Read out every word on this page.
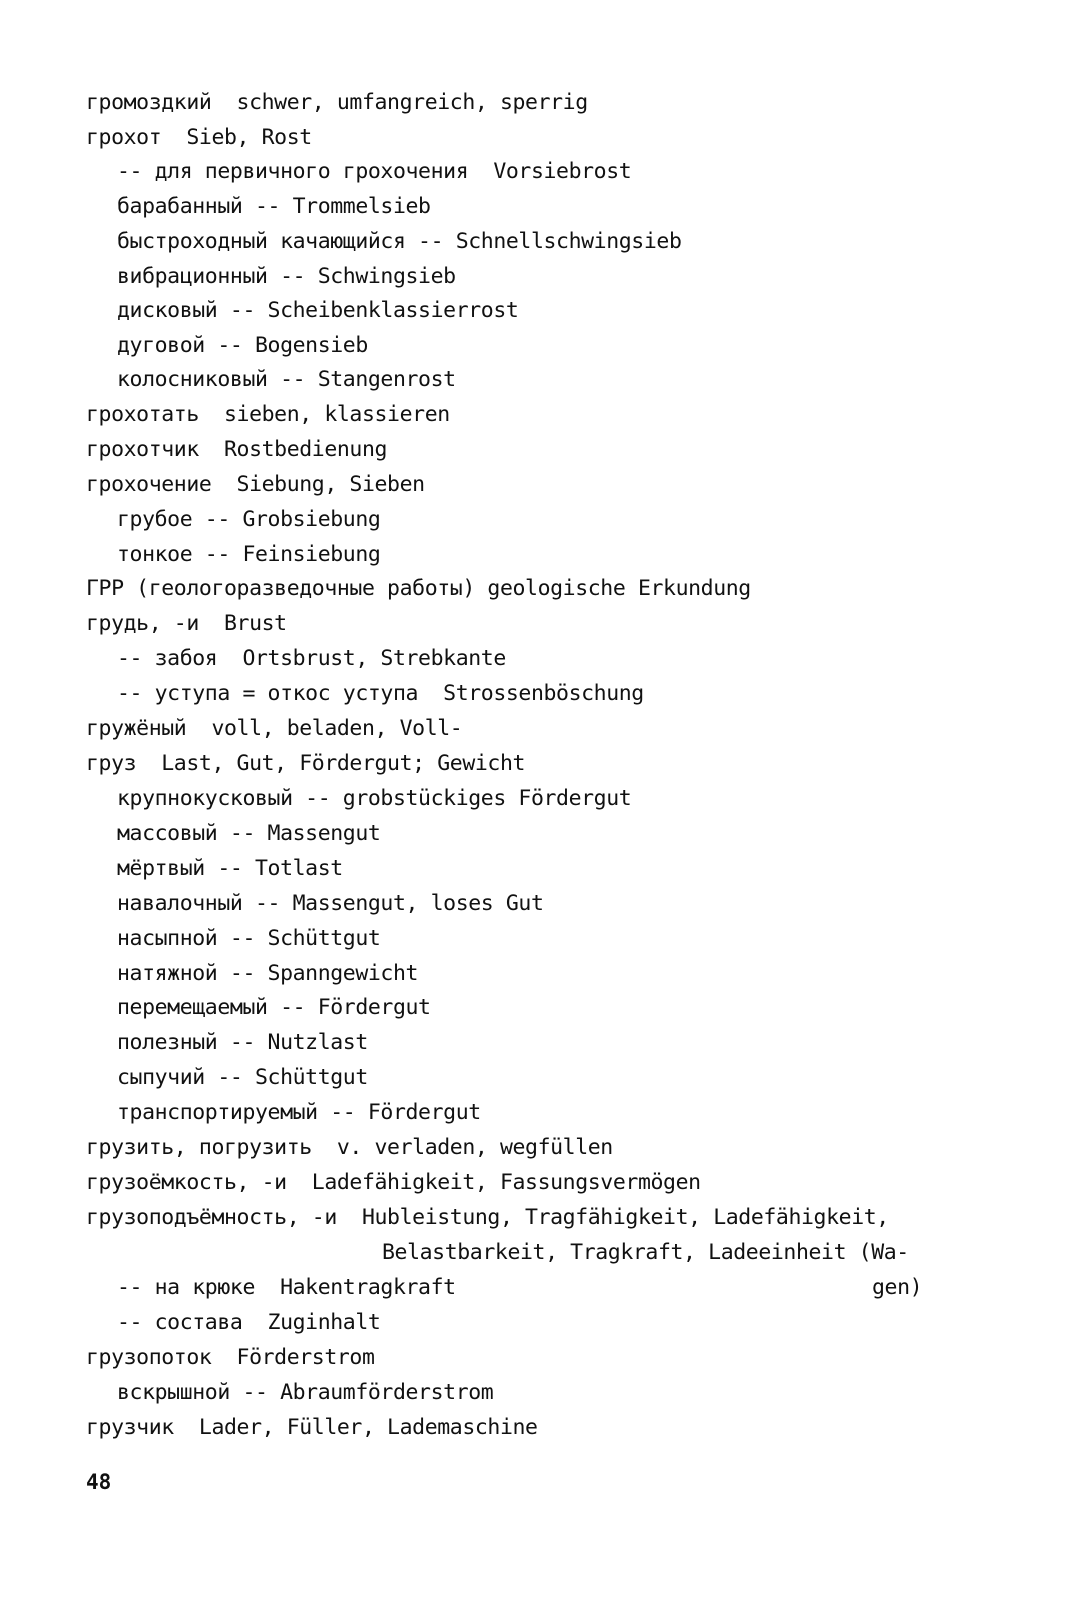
громоздкий  schwer, umfangreich, sperrig
грохот  Sieb, Rost
-- для первичного грохочения  Vorsiebrost
барабанный -- Trommelsieb
быстроходный качающийся -- Schnellschwingsieb
вибрационный -- Schwingsieb
дисковый -- Scheibenklassierrost
дуговой -- Bogensieb
колосниковый -- Stangenrost
грохотать  sieben, klassieren
грохотчик  Rostbedienung
грохочение  Siebung, Sieben
грубое -- Grobsiebung
тонкое -- Feinsiebung
ГРР (геологоразведочные работы) geologische Erkundung
грудь, -и  Brust
-- забоя  Ortsbrust, Strebkante
-- уступа = откос уступа  Strossenböschung
гружёный  voll, beladen, Voll-
груз  Last, Gut, Fördergut; Gewicht
крупнокусковый -- grobstückiges Fördergut
массовый -- Massengut
мёртвый -- Totlast
навалочный -- Massengut, loses Gut
насыпной -- Schüttgut
натяжной -- Spanngewicht
перемещаемый -- Fördergut
полезный -- Nutzlast
сыпучий -- Schüttgut
транспортируемый -- Fördergut
грузить, погрузить  v. verladen, wegfüllen
грузоёмкость, -и  Ladefähigkeit, Fassungsvermögen
грузоподъёмность, -и  Hubleistung, Tragfähigkeit, Ladefähigkeit,
Belastbarkeit, Tragkraft, Ladeeinheit (Wa-
-- на крюке  Hakentragkraft	gen)
-- состава  Zuginhalt
грузопоток  Förderstrom
вскрышной -- Abraumförderstrom
грузчик  Lader, Füller, Lademaschine
48
